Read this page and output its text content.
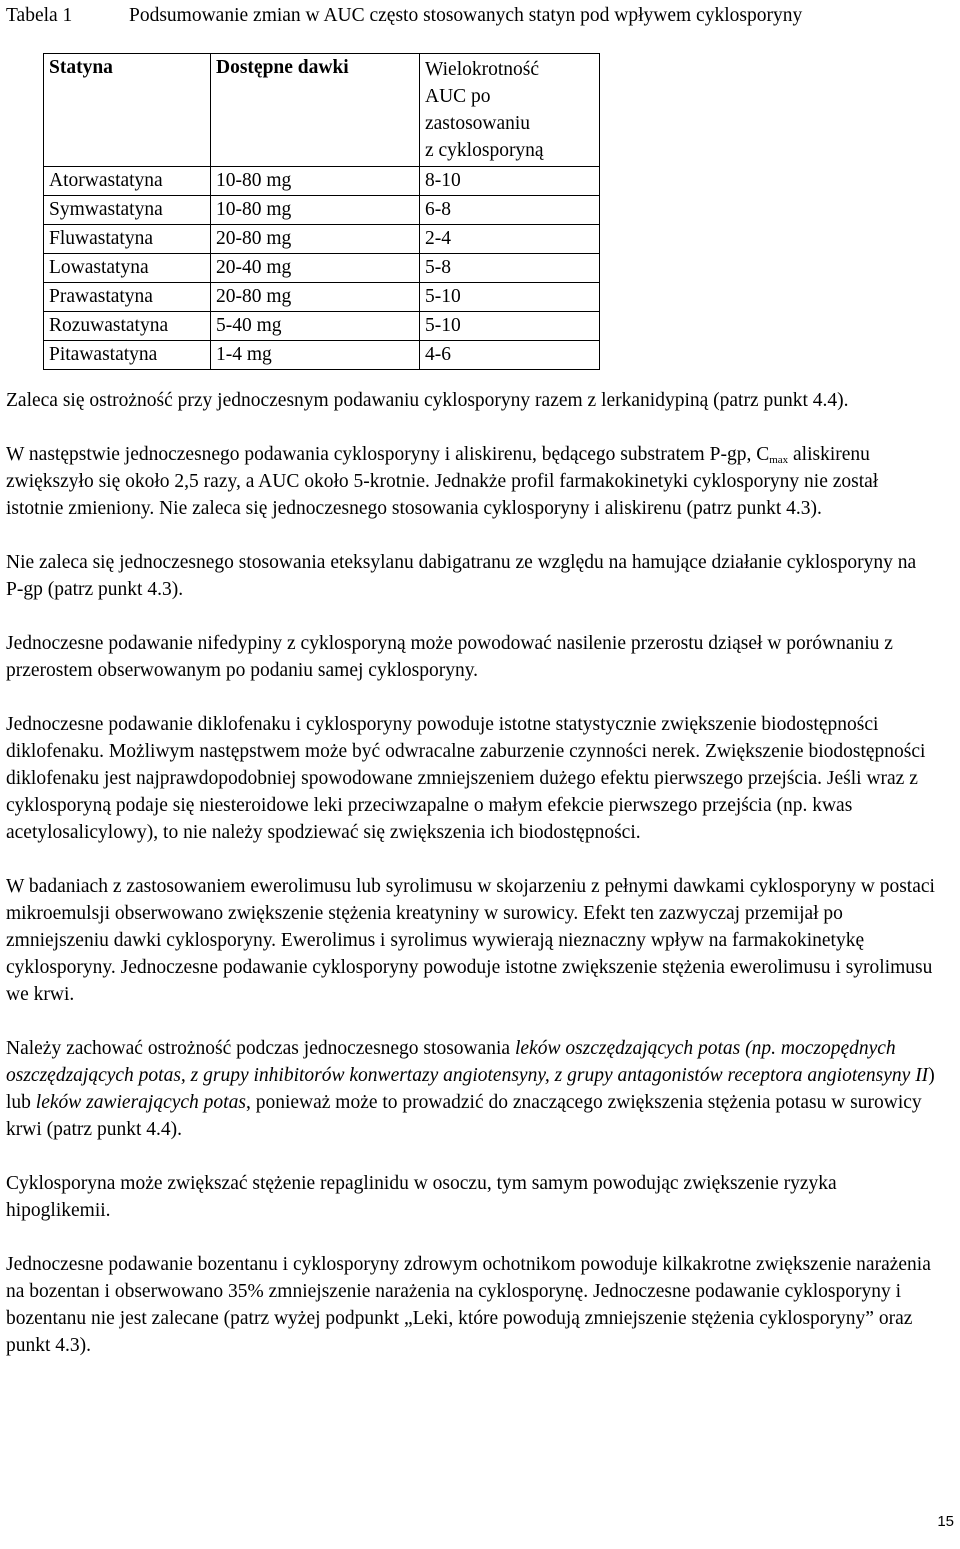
Tabela 1	Podsumowanie zmian w AUC często stosowanych statyn pod wpływem cyklosporyny
Statyna	Dostępne dawki	Wielokrotność
AUC po
zastosowaniu
z cyklosporyną
Atorwastatyna	10-80 mg	8-10
Symwastatyna	10-80 mg	6-8
Fluwastatyna	20-80 mg	2-4
Lowastatyna	20-40 mg	5-8
Prawastatyna	20-80 mg	5-10
Rozuwastatyna	5-40 mg	5-10
Pitawastatyna	1-4 mg	4-6

Zaleca się ostrożność przy jednoczesnym podawaniu cyklosporyny razem z lerkanidypiną (patrz punkt 4.4).

W następstwie jednoczesnego podawania cyklosporyny i aliskirenu, będącego substratem P-gp, $C_{max}$ aliskirenu zwiększyło się około 2,5 razy, a AUC około 5-krotnie. Jednakże profil farmakokinetyki cyklosporyny nie został istotnie zmieniony. Nie zaleca się jednoczesnego stosowania cyklosporyny i aliskirenu (patrz punkt 4.3).

Nie zaleca się jednoczesnego stosowania eteksylanu dabigatranu ze względu na hamujące działanie cyklosporyny na P-gp (patrz punkt 4.3).

Jednoczesne podawanie nifedypiny z cyklosporyną może powodować nasilenie przerostu dziąseł w porównaniu z przerostem obserwowanym po podaniu samej cyklosporyny.

Jednoczesne podawanie diklofenaku i cyklosporyny powoduje istotne statystycznie zwiększenie biodostępności diklofenaku. Możliwym następstwem może być odwracalne zaburzenie czynności nerek. Zwiększenie biodostępności diklofenaku jest najprawdopodobniej spowodowane zmniejszeniem dużego efektu pierwszego przejścia. Jeśli wraz z cyklosporyną podaje się niesteroidowe leki przeciwzapalne o małym efekcie pierwszego przejścia (np. kwas acetylosalicylowy), to nie należy spodziewać się zwiększenia ich biodostępności.

W badaniach z zastosowaniem ewerolimusu lub syrolimusu w skojarzeniu z pełnymi dawkami cyklosporyny w postaci mikroemulsji obserwowano zwiększenie stężenia kreatyniny w surowicy. Efekt ten zazwyczaj przemijał po zmniejszeniu dawki cyklosporyny. Ewerolimus i syrolimus wywierają nieznaczny wpływ na farmakokinetykę cyklosporyny. Jednoczesne podawanie cyklosporyny powoduje istotne zwiększenie stężenia ewerolimusu i syrolimusu we krwi.

Należy zachować ostrożność podczas jednoczesnego stosowania leków oszczędzających potas (np. moczopędnych oszczędzających potas, z grupy inhibitorów konwertazy angiotensyny, z grupy antagonistów receptora angiotensyny II) lub leków zawierających potas, ponieważ może to prowadzić do znaczącego zwiększenia stężenia potasu w surowicy krwi (patrz punkt 4.4).

Cyklosporyna może zwiększać stężenie repaglinidu w osoczu, tym samym powodując zwiększenie ryzyka hipoglikemii.

Jednoczesne podawanie bozentanu i cyklosporyny zdrowym ochotnikom powoduje kilkakrotne zwiększenie narażenia na bozentan i obserwowano 35% zmniejszenie narażenia na cyklosporynę. Jednoczesne podawanie cyklosporyny i bozentanu nie jest zalecane (patrz wyżej podpunkt „Leki, które powodują zmniejszenie stężenia cyklosporyny” oraz punkt 4.3).

15
